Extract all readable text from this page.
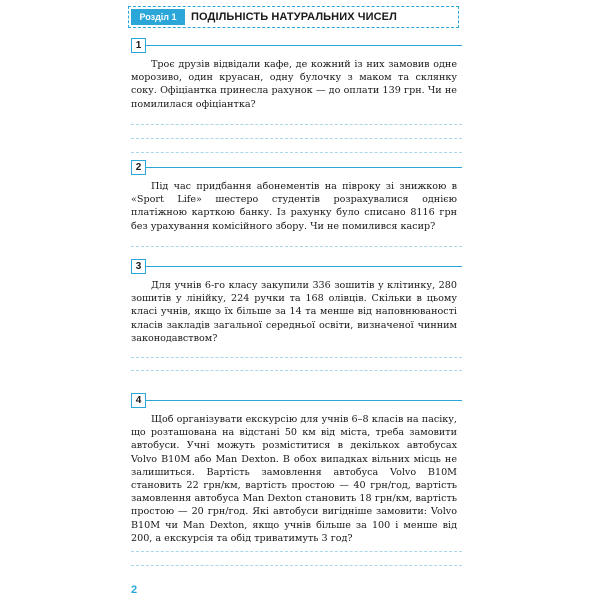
Розділ 1	ПОДІЛЬНІСТЬ НАТУРАЛЬНИХ ЧИСЕЛ
1
Троє друзів відвідали кафе, де кожний із них замовив одне морозиво, один круасан, одну булочку з маком та склянку соку. Офіціантка принесла рахунок — до оплати 139 грн. Чи не помилилася офіціантка?
2
Під час придбання абонементів на півроку зі знижкою в «Sport Life» шестеро студентів розрахувалися однією платіжною карткою банку. Із рахунку було списано 8116 грн без урахування комісійного збору. Чи не помилився касир?
3
Для учнів 6-го класу закупили 336 зошитів у клітинку, 280 зошитів у лінійку, 224 ручки та 168 олівців. Скільки в цьому класі учнів, якщо їх більше за 14 та менше від наповнюваності класів закладів загальної середньої освіти, визначеної чинним законодавством?
4
Щоб організувати екскурсію для учнів 6–8 класів на пасіку, що розташована на відстані 50 км від міста, треба замовити автобуси. Учні можуть розміститися в декількох автобусах Volvo B10M або Man Dexton. В обох випадках вільних місць не залишиться. Вартість замовлення автобуса Volvo B10M становить 22 грн/км, вартість простою — 40 грн/год, вартість замовлення автобуса Man Dexton становить 18 грн/км, вартість простою — 20 грн/год. Які автобуси вигідніше замовити: Volvo B10M чи Man Dexton, якщо учнів більше за 100 і менше від 200, а екскурсія та обід триватимуть 3 год?
2
